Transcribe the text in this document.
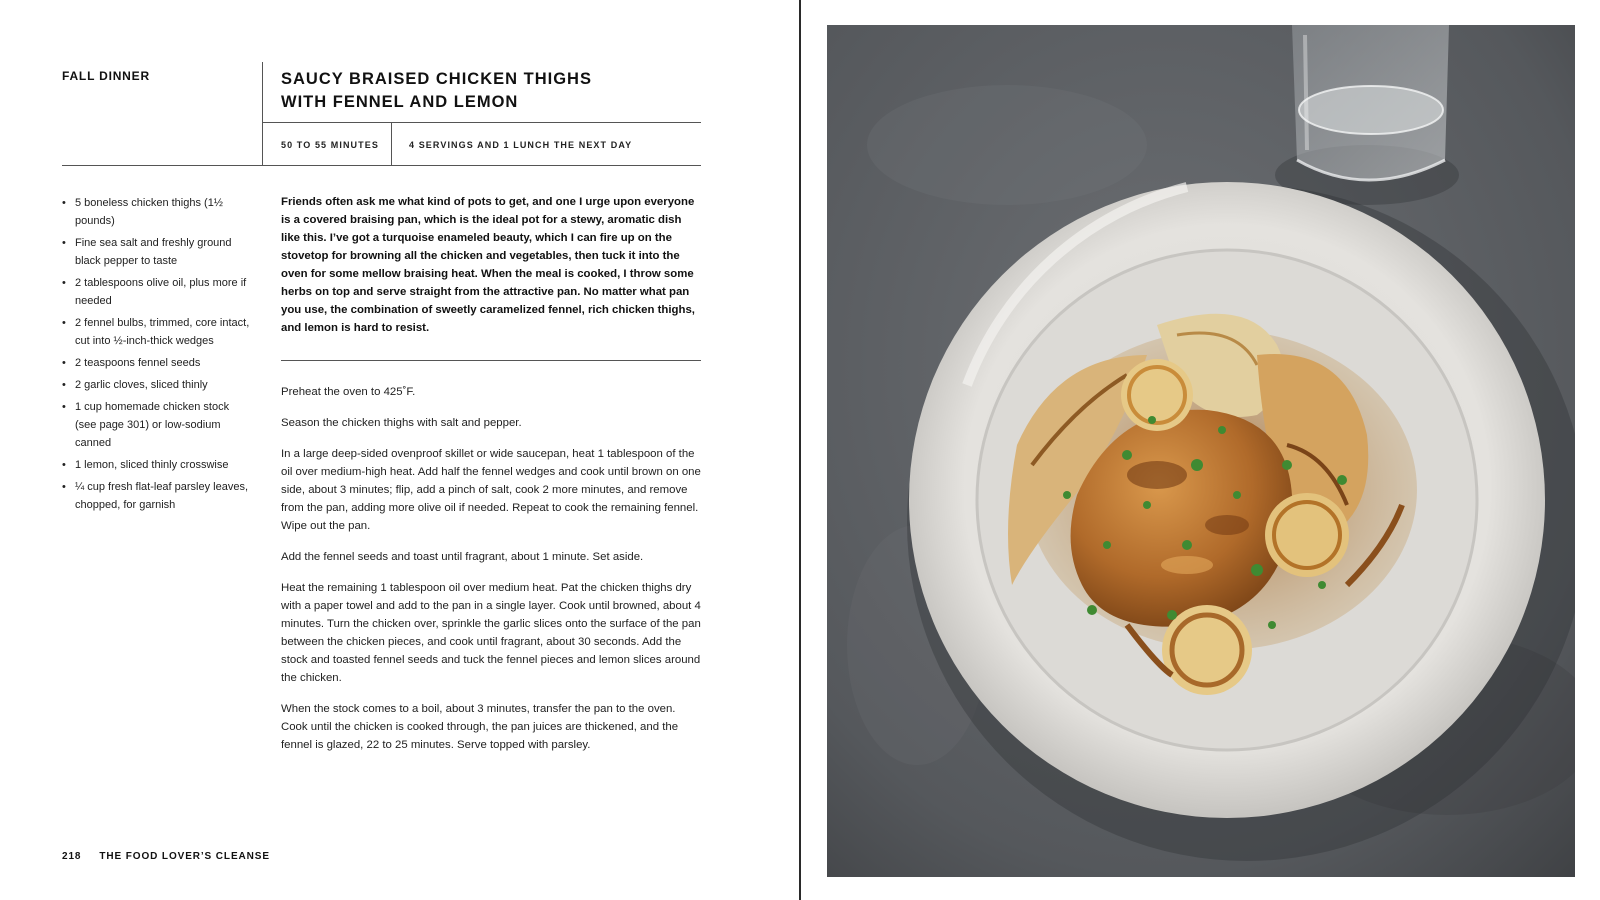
FALL DINNER	SAUCY BRAISED CHICKEN THIGHS
WITH FENNEL AND LEMON
50 TO 55 MINUTES	4 SERVINGS AND 1 LUNCH THE NEXT DAY
• 5 boneless chicken thighs (1½ pounds)
• Fine sea salt and freshly ground black pepper to taste
• 2 tablespoons olive oil, plus more if needed
• 2 fennel bulbs, trimmed, core intact, cut into ½-inch-thick wedges
• 2 teaspoons fennel seeds
• 2 garlic cloves, sliced thinly
• 1 cup homemade chicken stock (see page 301) or low-sodium canned
• 1 lemon, sliced thinly crosswise
• ¼ cup fresh flat-leaf parsley leaves, chopped, for garnish

Friends often ask me what kind of pots to get, and one I urge upon everyone is a covered braising pan, which is the ideal pot for a stewy, aromatic dish like this. I’ve got a turquoise enameled beauty, which I can fire up on the stovetop for browning all the chicken and vegetables, then tuck it into the oven for some mellow braising heat. When the meal is cooked, I throw some herbs on top and serve straight from the attractive pan. No matter what pan you use, the combination of sweetly caramelized fennel, rich chicken thighs, and lemon is hard to resist.

Preheat the oven to 425˚F.

Season the chicken thighs with salt and pepper.

In a large deep-sided ovenproof skillet or wide saucepan, heat 1 tablespoon of the oil over medium-high heat. Add half the fennel wedges and cook until brown on one side, about 3 minutes; flip, add a pinch of salt, cook 2 more minutes, and remove from the pan, adding more olive oil if needed. Repeat to cook the remaining fennel. Wipe out the pan.

Add the fennel seeds and toast until fragrant, about 1 minute. Set aside.

Heat the remaining 1 tablespoon oil over medium heat. Pat the chicken thighs dry with a paper towel and add to the pan in a single layer. Cook until browned, about 4 minutes. Turn the chicken over, sprinkle the garlic slices onto the surface of the pan between the chicken pieces, and cook until fragrant, about 30 seconds. Add the stock and toasted fennel seeds and tuck the fennel pieces and lemon slices around the chicken.

When the stock comes to a boil, about 3 minutes, transfer the pan to the oven. Cook until the chicken is cooked through, the pan juices are thickened, and the fennel is glazed, 22 to 25 minutes. Serve topped with parsley.

218 THE FOOD LOVER’S CLEANSE
